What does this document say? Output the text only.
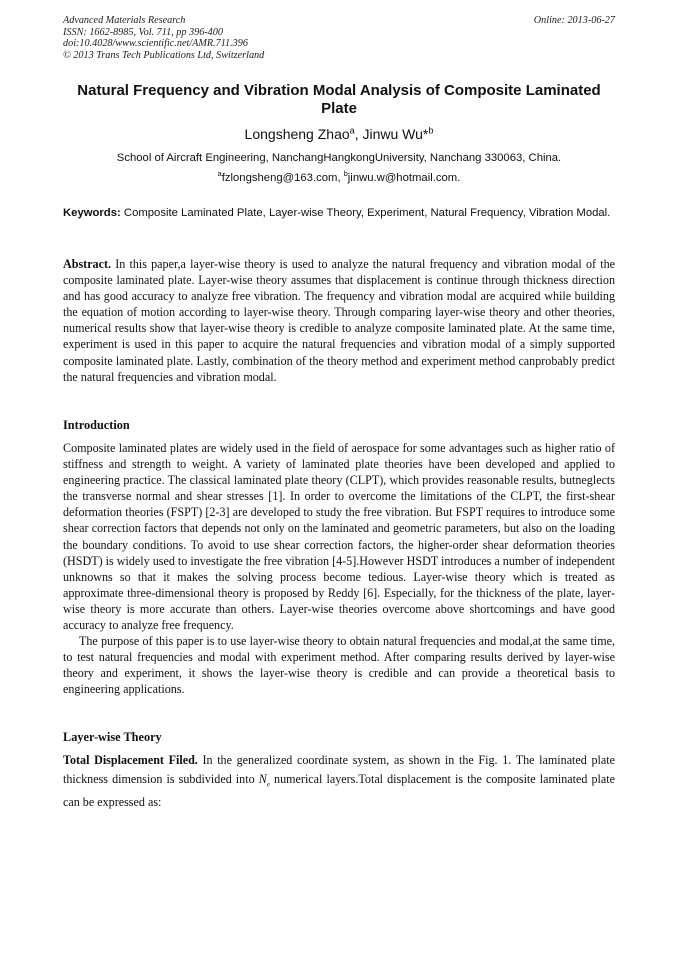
Advanced Materials Research
ISSN: 1662-8985, Vol. 711, pp 396-400
doi:10.4028/www.scientific.net/AMR.711.396
© 2013 Trans Tech Publications Ltd, Switzerland
Online: 2013-06-27
Natural Frequency and Vibration Modal Analysis of Composite Laminated Plate
Longsheng Zhao$^a$, Jinwu Wu*$^b$
School of Aircraft Engineering, NanchangHangkongUniversity, Nanchang 330063, China.
$^a$fzlongsheng@163.com, $^b$jinwu.w@hotmail.com.
Keywords: Composite Laminated Plate, Layer-wise Theory, Experiment, Natural Frequency, Vibration Modal.
Abstract. In this paper,a layer-wise theory is used to analyze the natural frequency and vibration modal of the composite laminated plate. Layer-wise theory assumes that displacement is continue through thickness direction and has good accuracy to analyze free vibration. The frequency and vibration modal are acquired while building the equation of motion according to layer-wise theory. Through comparing layer-wise theory and other theories, numerical results show that layer-wise theory is credible to analyze composite laminated plate. At the same time, experiment is used in this paper to acquire the natural frequencies and vibration modal of a simply supported composite laminated plate. Lastly, combination of the theory method and experiment method canprobably predict the natural frequencies and vibration modal.
Introduction

Composite laminated plates are widely used in the field of aerospace for some advantages such as higher ratio of stiffness and strength to weight. A variety of laminated plate theories have been developed and applied to engineering practice. The classical laminated plate theory (CLPT), which provides reasonable results, butneglects the transverse normal and shear stresses [1]. In order to overcome the limitations of the CLPT, the first-shear deformation theories (FSPT) [2-3] are developed to study the free vibration. But FSPT requires to introduce some shear correction factors that depends not only on the laminated and geometric parameters, but also on the loading the boundary conditions. To avoid to use shear correction factors, the higher-order shear deformation theories (HSDT) is widely used to investigate the free vibration [4-5].However HSDT introduces a number of independent unknowns so that it makes the solving process become tedious. Layer-wise theory which is treated as approximate three-dimensional theory is proposed by Reddy [6]. Especially, for the thickness of the plate, layer-wise theory is more accurate than others. Layer-wise theories overcome above shortcomings and have good accuracy to analyze free frequency.

The purpose of this paper is to use layer-wise theory to obtain natural frequencies and modal,at the same time, to test natural frequencies and modal with experiment method. After comparing results derived by layer-wise theory and experiment, it shows the layer-wise theory is credible and can provide a theoretical basis to engineering applications.

Layer-wise Theory
Total Displacement Filed. In the generalized coordinate system, as shown in the Fig. 1. The laminated plate thickness dimension is subdivided into $N_e$ numerical layers.Total displacement is the composite laminated plate can be expressed as:
